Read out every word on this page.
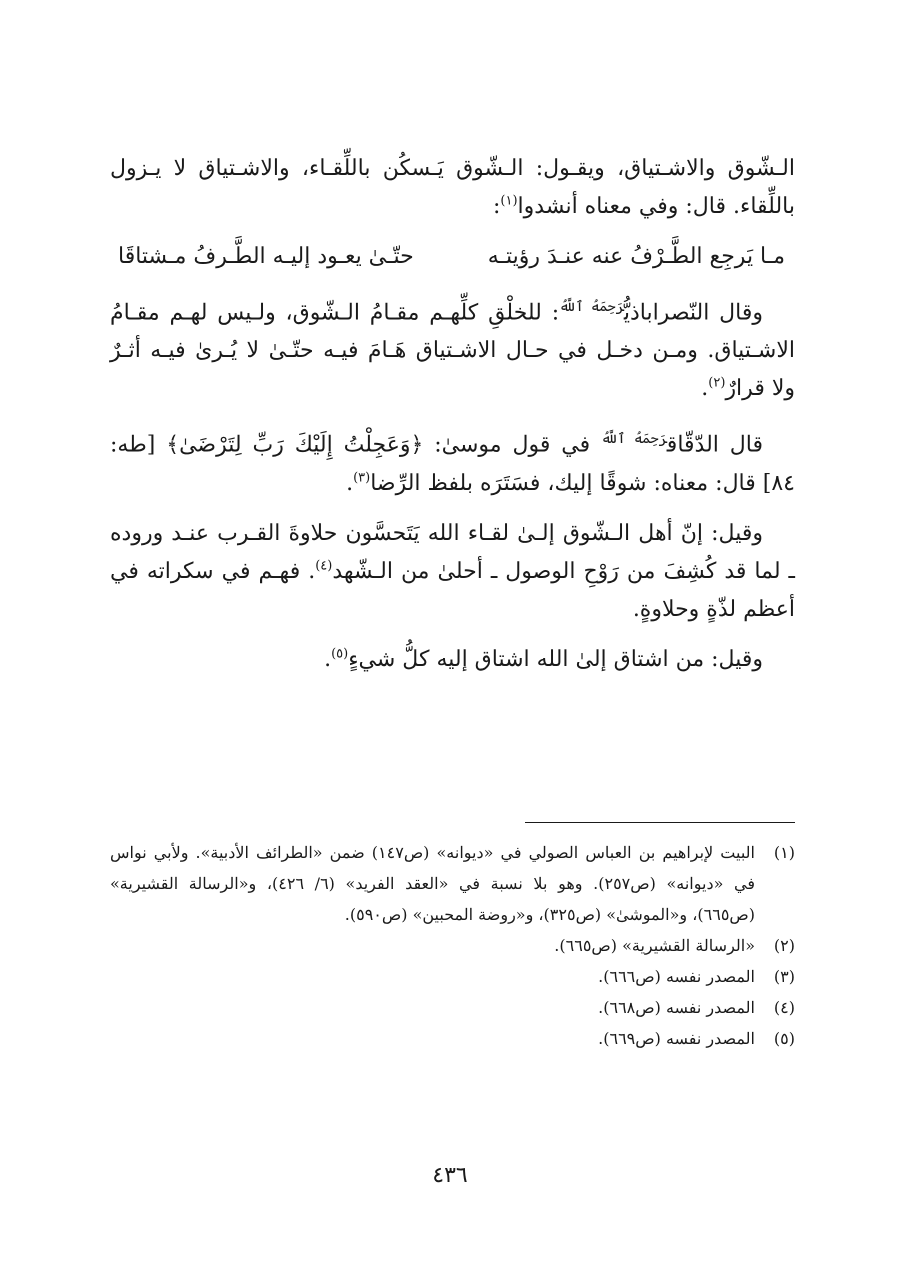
الـشّوق والاشـتياق، ويقـول: الـشّوق يَـسكُن باللِّقـاء، والاشـتياق لا يـزول باللِّقاء. قال: وفي معناه أنشدوا$^{(١)}$:

مـا يَرجِع الطَّـرْفُ عنه عنـدَ رؤيتـه
حتّـىٰ يعـود إليـه الطَّـرفُ مـشتاقَا

وقال النّصراباذيُّ$^{رَحِمَهُ ٱللَّهُ}$: للخلْقِ كلِّهـم مقـامُ الـشّوق، ولـيس لهـم مقـامُ الاشـتياق. ومـن دخـل في حـال الاشـتياق هَـامَ فيـه حتّـىٰ لا يُـرىٰ فيـه أثـرٌ ولا قرارٌ$^{(٢)}$.

قال الدّقّاق$^{رَحِمَهُ ٱللَّهُ}$ في قول موسىٰ: ﴿وَعَجِلْتُ إِلَيْكَ رَبِّ لِتَرْضَىٰ﴾ [طه: ٨٤] قال: معناه: شوقًا إليك، فسَتَرَه بلفظ الرِّضا$^{(٣)}$.

وقيل: إنّ أهل الـشّوق إلـىٰ لقـاء الله يَتَحسَّون حلاوةَ القـرب عنـد وروده ـ لما قد كُشِفَ من رَوْحِ الوصول ـ أحلىٰ من الـشّهد$^{(٤)}$. فهـم في سكراته في أعظم لذّةٍ وحلاوةٍ.

وقيل: من اشتاق إلىٰ الله اشتاق إليه كلُّ شيءٍ$^{(٥)}$.

(١)
البيت لإبراهيم بن العباس الصولي في «ديوانه» (ص١٤٧) ضمن «الطرائف الأدبية». ولأبي نواس في «ديوانه» (ص٢٥٧). وهو بلا نسبة في «العقد الفريد» (٦/ ٤٢٦)، و«الرسالة القشيرية» (ص٦٦٥)، و«الموشىٰ» (ص٣٢٥)، و«روضة المحبين» (ص٥٩٠).
(٢)
«الرسالة القشيرية» (ص٦٦٥).
(٣)
المصدر نفسه (ص٦٦٦).
(٤)
المصدر نفسه (ص٦٦٨).
(٥)
المصدر نفسه (ص٦٦٩).
٤٣٦
